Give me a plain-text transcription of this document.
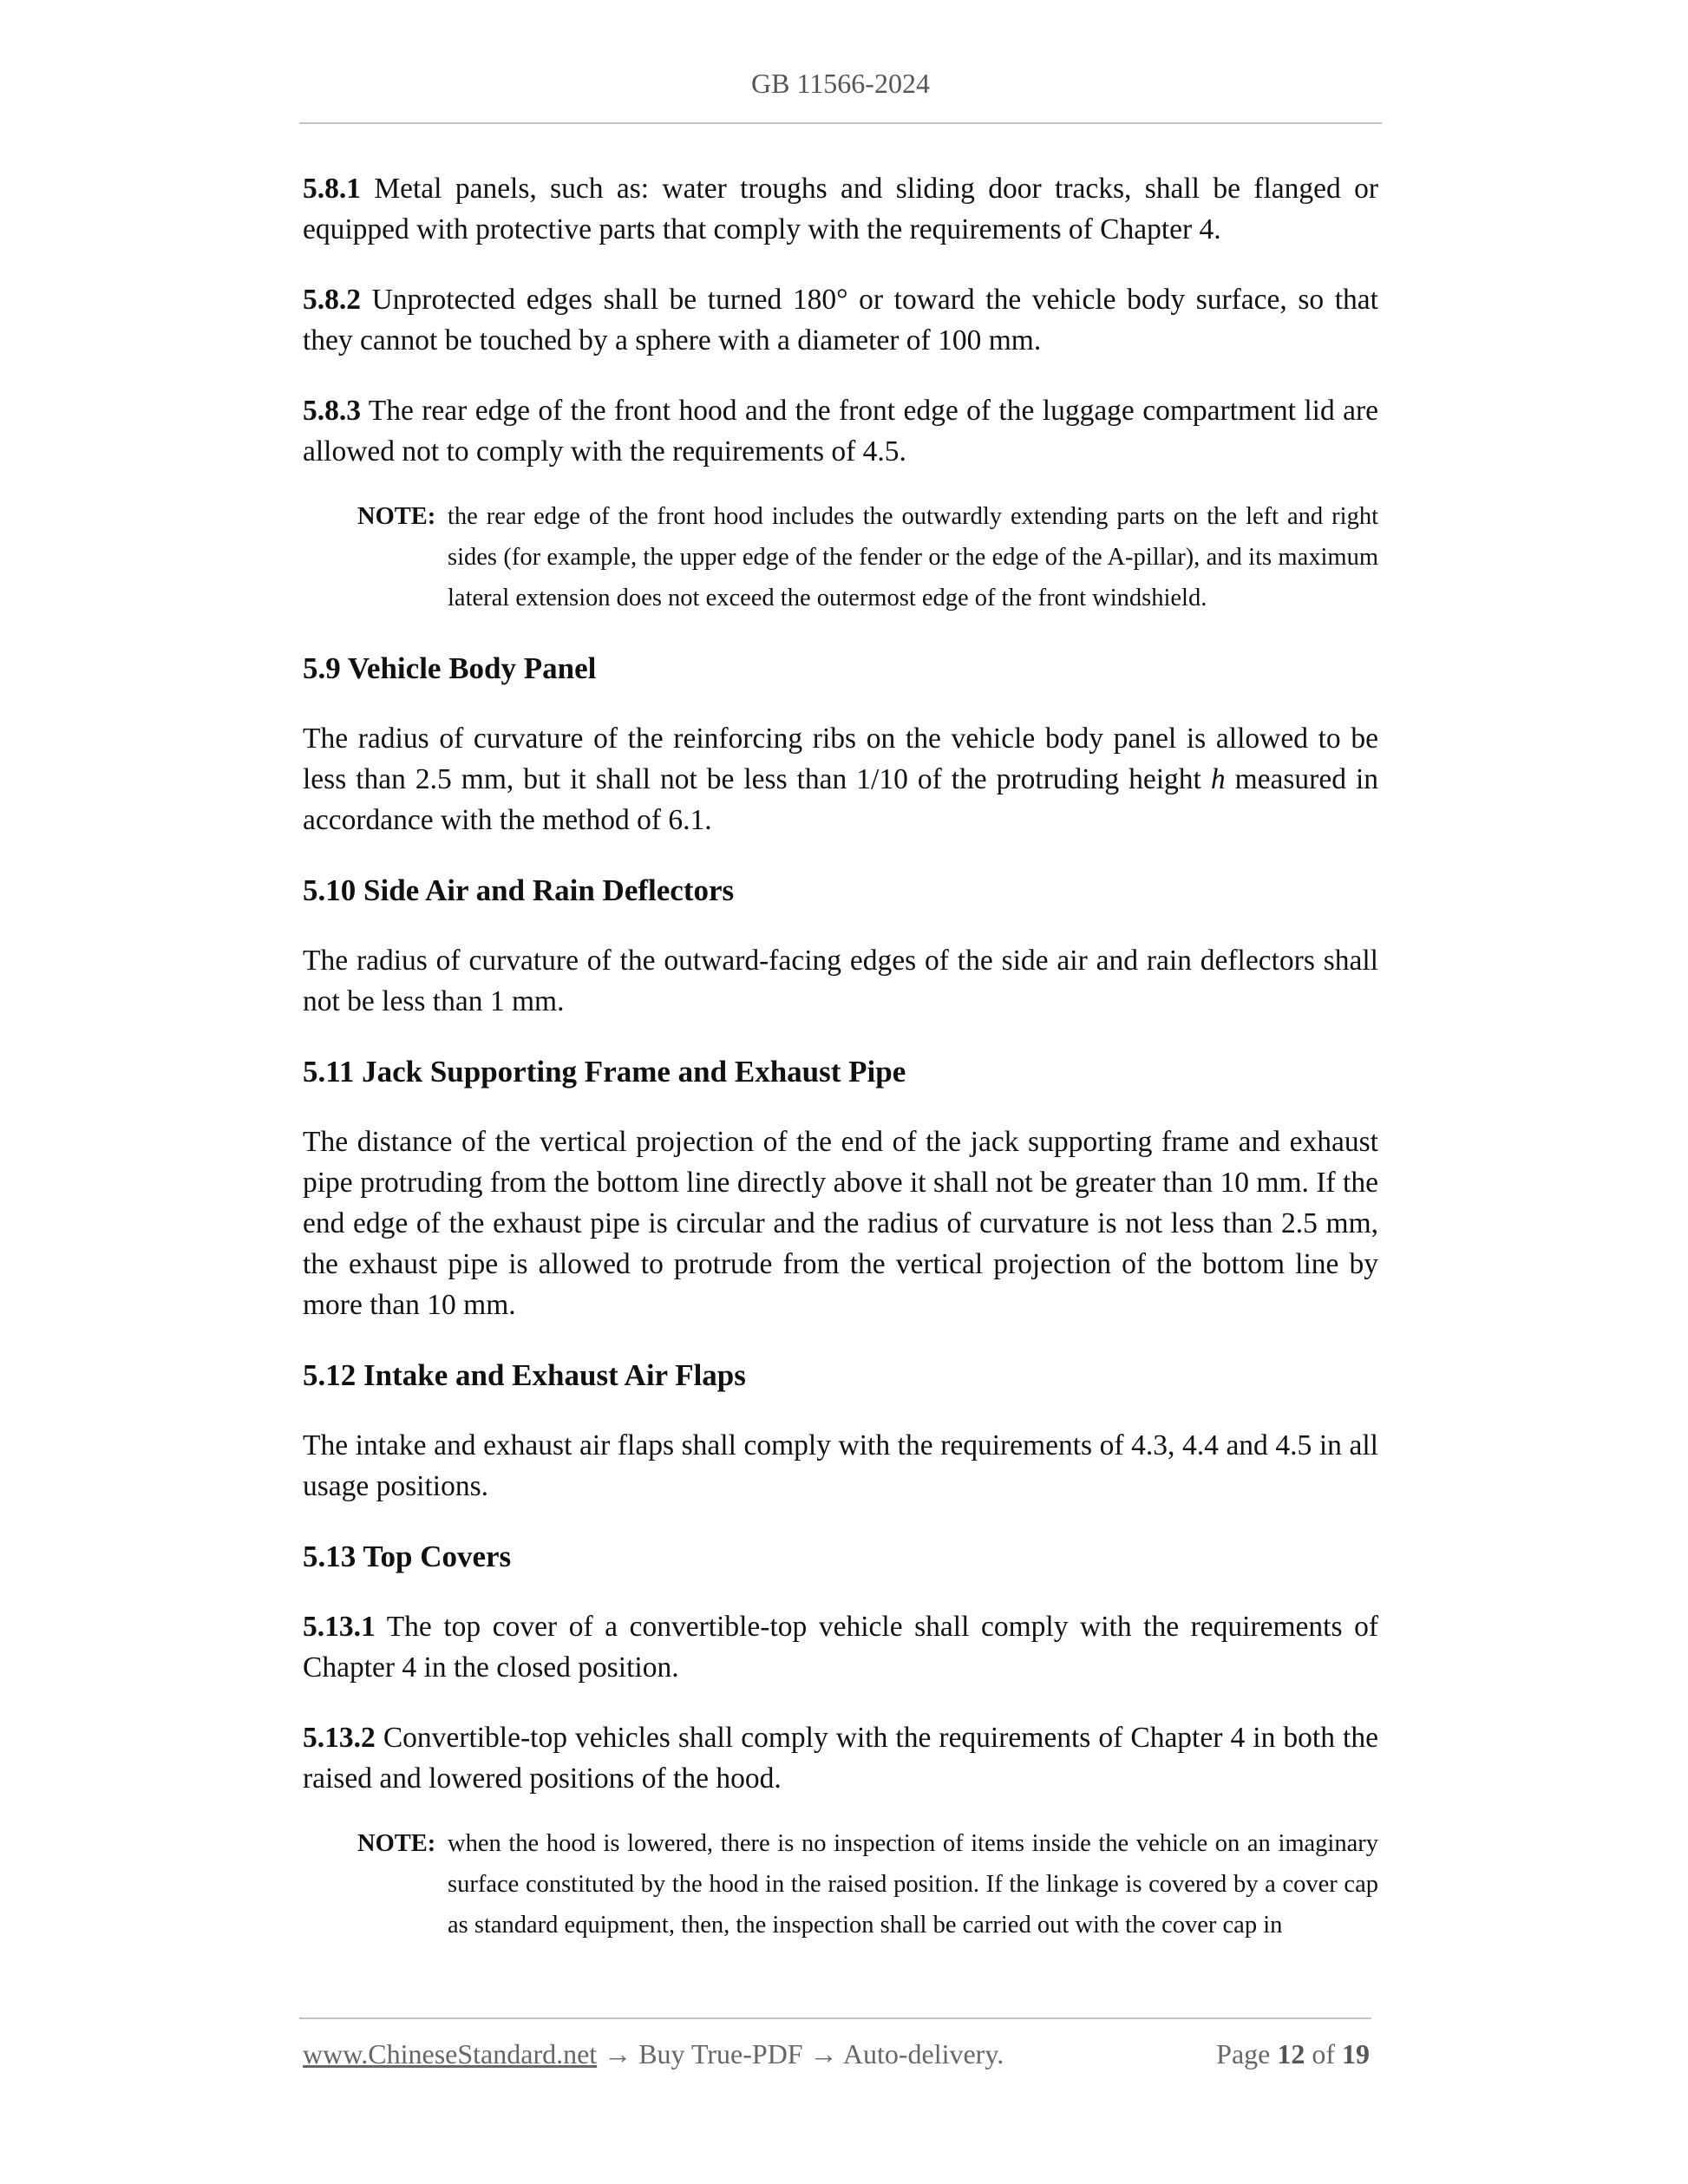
GB 11566-2024

5.8.1 Metal panels, such as: water troughs and sliding door tracks, shall be flanged or equipped with protective parts that comply with the requirements of Chapter 4.

5.8.2 Unprotected edges shall be turned 180° or toward the vehicle body surface, so that they cannot be touched by a sphere with a diameter of 100 mm.

5.8.3 The rear edge of the front hood and the front edge of the luggage compartment lid are allowed not to comply with the requirements of 4.5.

NOTE: the rear edge of the front hood includes the outwardly extending parts on the left and right sides (for example, the upper edge of the fender or the edge of the A-pillar), and its maximum lateral extension does not exceed the outermost edge of the front windshield.
5.9 Vehicle Body Panel

The radius of curvature of the reinforcing ribs on the vehicle body panel is allowed to be less than 2.5 mm, but it shall not be less than 1/10 of the protruding height h measured in accordance with the method of 6.1.

5.10 Side Air and Rain Deflectors

The radius of curvature of the outward-facing edges of the side air and rain deflectors shall not be less than 1 mm.

5.11 Jack Supporting Frame and Exhaust Pipe

The distance of the vertical projection of the end of the jack supporting frame and exhaust pipe protruding from the bottom line directly above it shall not be greater than 10 mm. If the end edge of the exhaust pipe is circular and the radius of curvature is not less than 2.5 mm, the exhaust pipe is allowed to protrude from the vertical projection of the bottom line by more than 10 mm.

5.12 Intake and Exhaust Air Flaps

The intake and exhaust air flaps shall comply with the requirements of 4.3, 4.4 and 4.5 in all usage positions.

5.13 Top Covers

5.13.1 The top cover of a convertible-top vehicle shall comply with the requirements of Chapter 4 in the closed position.

5.13.2 Convertible-top vehicles shall comply with the requirements of Chapter 4 in both the raised and lowered positions of the hood.

NOTE: when the hood is lowered, there is no inspection of items inside the vehicle on an imaginary surface constituted by the hood in the raised position. If the linkage is covered by a cover cap as standard equipment, then, the inspection shall be carried out with the cover cap in
www.ChineseStandard.net → Buy True-PDF → Auto-delivery.	Page 12 of 19
